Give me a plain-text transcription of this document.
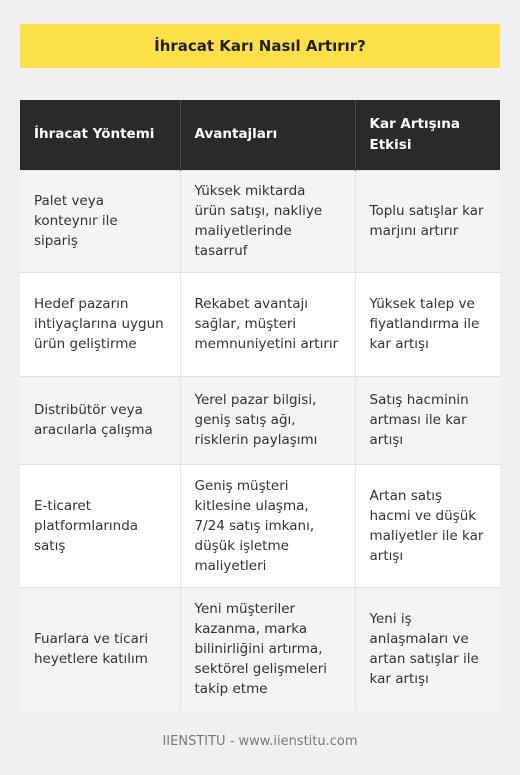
İhracat Karı Nasıl Artırır?
İhracat Yöntemi	Avantajları	Kar Artışına Etkisi
Palet veya konteynır ile sipariş	Yüksek miktarda ürün satışı, nakliye maliyetlerinde tasarruf	Toplu satışlar kar marjını artırır
Hedef pazarın ihtiyaçlarına uygun ürün geliştirme	Rekabet avantajı sağlar, müşteri memnuniyetini artırır	Yüksek talep ve fiyatlandırma ile kar artışı
Distribütör veya aracılarla çalışma	Yerel pazar bilgisi, geniş satış ağı, risklerin paylaşımı	Satış hacminin artması ile kar artışı
E-ticaret platformlarında satış	Geniş müşteri kitlesine ulaşma, 7/24 satış imkanı, düşük işletme maliyetleri	Artan satış hacmi ve düşük maliyetler ile kar artışı
Fuarlara ve ticari heyetlere katılım	Yeni müşteriler kazanma, marka bilinirliğini artırma, sektörel gelişmeleri takip etme	Yeni iş anlaşmaları ve artan satışlar ile kar artışı
IIENSTITU - www.iienstitu.com
